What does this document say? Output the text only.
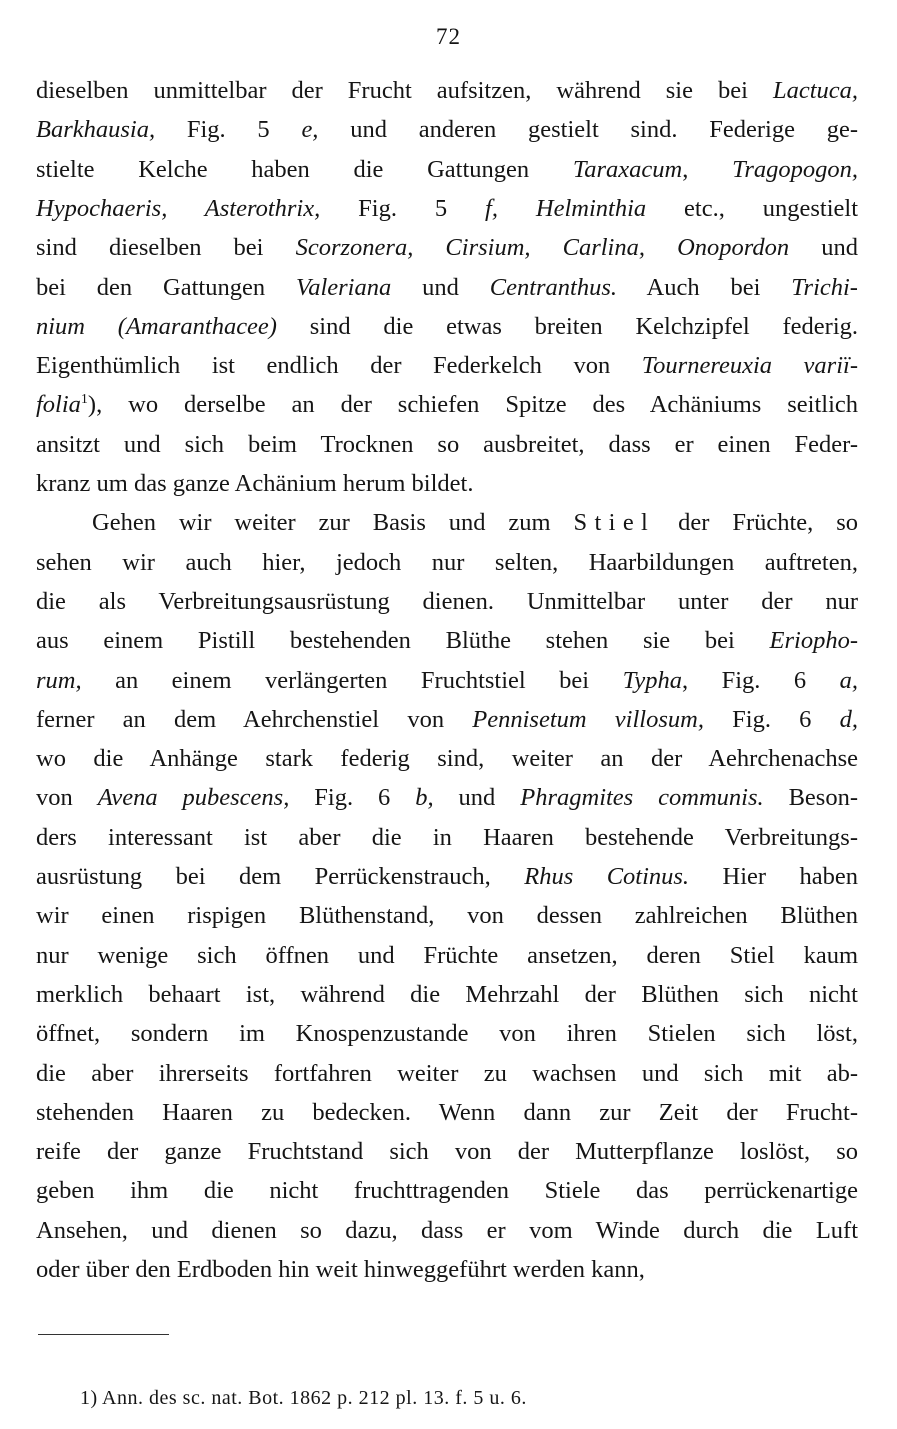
72
dieselben unmittelbar der Frucht aufsitzen, während sie bei Lactuca,
Barkhausia, Fig. 5 e, und anderen gestielt sind. Federige ge-
stielte Kelche haben die Gattungen Taraxacum, Tragopogon,
Hypochaeris, Asterothrix, Fig. 5 f, Helminthia etc., ungestielt
sind dieselben bei Scorzonera, Cirsium, Carlina, Onopordon und
bei den Gattungen Valeriana und Centranthus. Auch bei Trichi-
nium (Amaranthacee) sind die etwas breiten Kelchzipfel federig.
Eigenthümlich ist endlich der Federkelch von Tournereuxia variï-
folia$^1$), wo derselbe an der schiefen Spitze des Achäniums seitlich
ansitzt und sich beim Trocknen so ausbreitet, dass er einen Feder-
kranz um das ganze Achänium herum bildet.
Gehen wir weiter zur Basis und zum Stiel der Früchte, so
sehen wir auch hier, jedoch nur selten, Haarbildungen auftreten,
die als Verbreitungsausrüstung dienen. Unmittelbar unter der nur
aus einem Pistill bestehenden Blüthe stehen sie bei Eriopho-
rum, an einem verlängerten Fruchtstiel bei Typha, Fig. 6 a,
ferner an dem Aehrchenstiel von Pennisetum villosum, Fig. 6 d,
wo die Anhänge stark federig sind, weiter an der Aehrchenachse
von Avena pubescens, Fig. 6 b, und Phragmites communis. Beson-
ders interessant ist aber die in Haaren bestehende Verbreitungs-
ausrüstung bei dem Perrückenstrauch, Rhus Cotinus. Hier haben
wir einen rispigen Blüthenstand, von dessen zahlreichen Blüthen
nur wenige sich öffnen und Früchte ansetzen, deren Stiel kaum
merklich behaart ist, während die Mehrzahl der Blüthen sich nicht
öffnet, sondern im Knospenzustande von ihren Stielen sich löst,
die aber ihrerseits fortfahren weiter zu wachsen und sich mit ab-
stehenden Haaren zu bedecken. Wenn dann zur Zeit der Frucht-
reife der ganze Fruchtstand sich von der Mutterpflanze loslöst, so
geben ihm die nicht fruchttragenden Stiele das perrückenartige
Ansehen, und dienen so dazu, dass er vom Winde durch die Luft
oder über den Erdboden hin weit hinweggeführt werden kann,
1) Ann. des sc. nat. Bot. 1862 p. 212 pl. 13. f. 5 u. 6.
